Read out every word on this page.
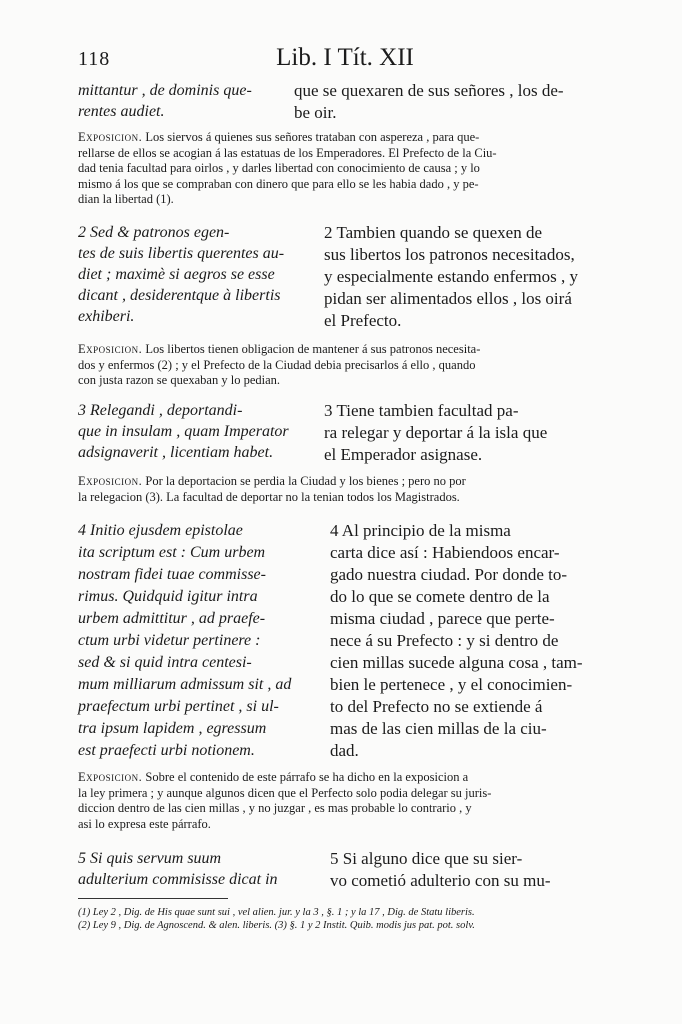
118	Lib. I Tít. XII

mittantur , de dominis que-

rentes audiet.

que se quexaren de sus señores , los de-

be oir.

Exposicion. Los siervos á quienes sus señores trataban con aspereza , para que-

rellarse de ellos se acogian á las estatuas de los Emperadores. El Prefecto de la Ciu-

dad tenia facultad para oirlos , y darles libertad con conocimiento de causa ; y lo

mismo á los que se compraban con dinero que para ello se les habia dado , y pe-

dian la libertad (1).

2 Sed & patronos egen-

tes de suis libertis querentes au-

diet ; maximè si aegros se esse

dicant , desiderentque à libertis

exhiberi.

2 Tambien quando se quexen de

sus libertos los patronos necesitados,

y especialmente estando enfermos , y

pidan ser alimentados ellos , los oirá

el Prefecto.

Exposicion. Los libertos tienen obligacion de mantener á sus patronos necesita-

dos y enfermos (2) ; y el Prefecto de la Ciudad debia precisarlos á ello , quando

con justa razon se quexaban y lo pedian.

3 Relegandi , deportandi-

que in insulam , quam Imperator

adsignaverit , licentiam habet.

3 Tiene tambien facultad pa-

ra relegar y deportar á la isla que

el Emperador asignase.

Exposicion. Por la deportacion se perdia la Ciudad y los bienes ; pero no por

la relegacion (3). La facultad de deportar no la tenian todos los Magistrados.

4 Initio ejusdem epistolae

ita scriptum est : Cum urbem

nostram fidei tuae commisse-

rimus. Quidquid igitur intra

urbem admittitur , ad praefe-

ctum urbi videtur pertinere :

sed & si quid intra centesi-

mum milliarum admissum sit , ad

praefectum urbi pertinet , si ul-

tra ipsum lapidem , egressum

est praefecti urbi notionem.

4 Al principio de la misma

carta dice así : Habiendoos encar-

gado nuestra ciudad. Por donde to-

do lo que se comete dentro de la

misma ciudad , parece que perte-

nece á su Prefecto : y si dentro de

cien millas sucede alguna cosa , tam-

bien le pertenece , y el conocimien-

to del Prefecto no se extiende á

mas de las cien millas de la ciu-

dad.

Exposicion. Sobre el contenido de este párrafo se ha dicho en la exposicion a

la ley primera ; y aunque algunos dicen que el Perfecto solo podia delegar su juris-

diccion dentro de las cien millas , y no juzgar , es mas probable lo contrario , y

asi lo expresa este párrafo.

5 Si quis servum suum

adulterium commisisse dicat in

5 Si alguno dice que su sier-

vo cometió adulterio con su mu-

(1) Ley 2 , Dig. de His quae sunt sui , vel alien. jur. y la 3 , §. 1 ; y la 17 , Dig. de Statu liberis.

(2) Ley 9 , Dig. de Agnoscend. & alen. liberis. (3) §. 1 y 2 Instit. Quib. modis jus pat. pot. solv.
